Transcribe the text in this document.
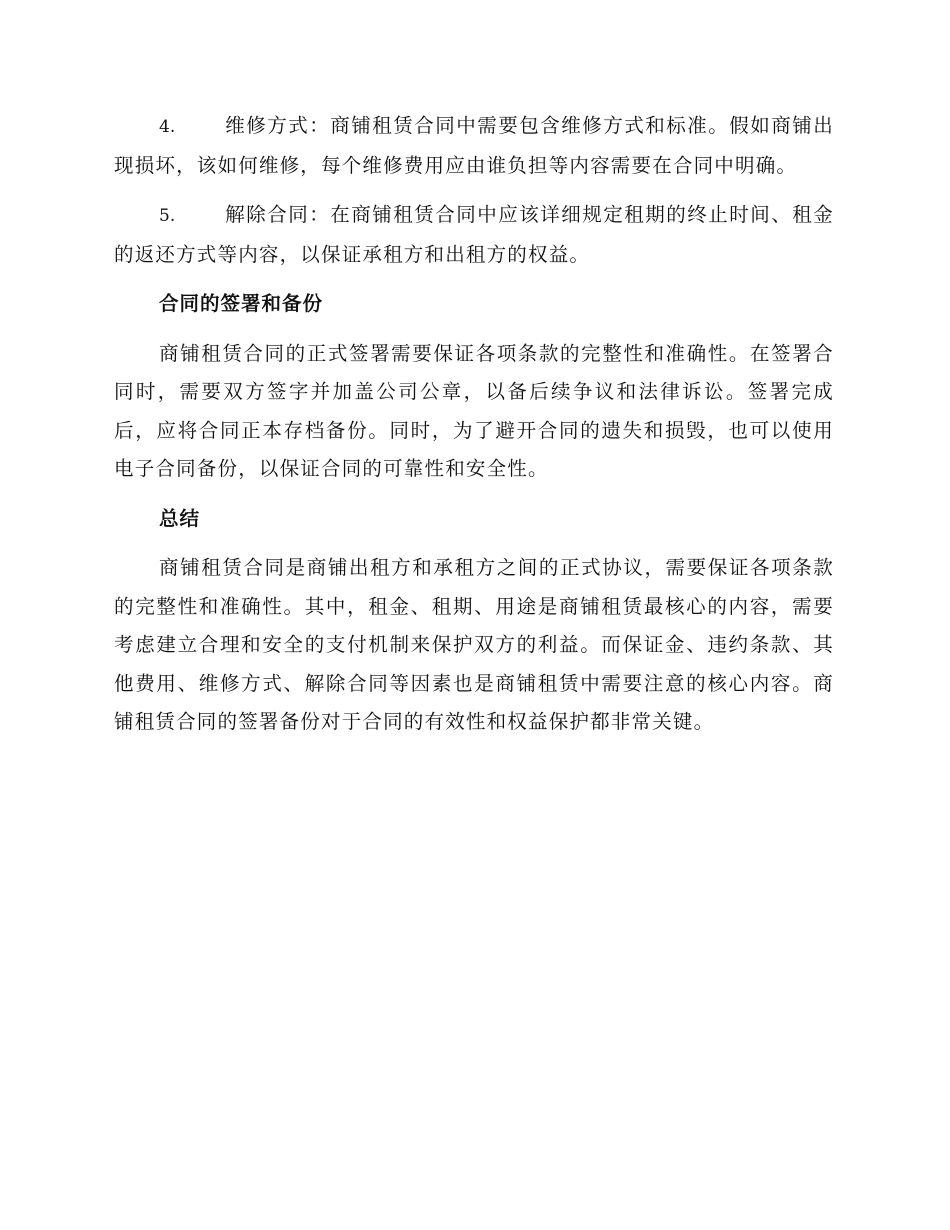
4.	维修方式：商铺租赁合同中需要包含维修方式和标准。假如商铺出现损坏，该如何维修，每个维修费用应由谁负担等内容需要在合同中明确。

5.	解除合同：在商铺租赁合同中应该详细规定租期的终止时间、租金的返还方式等内容，以保证承租方和出租方的权益。

合同的签署和备份

商铺租赁合同的正式签署需要保证各项条款的完整性和准确性。在签署合同时，需要双方签字并加盖公司公章，以备后续争议和法律诉讼。签署完成后，应将合同正本存档备份。同时，为了避开合同的遗失和损毁，也可以使用电子合同备份，以保证合同的可靠性和安全性。

总结

商铺租赁合同是商铺出租方和承租方之间的正式协议，需要保证各项条款的完整性和准确性。其中，租金、租期、用途是商铺租赁最核心的内容，需要考虑建立合理和安全的支付机制来保护双方的利益。而保证金、违约条款、其他费用、维修方式、解除合同等因素也是商铺租赁中需要注意的核心内容。商铺租赁合同的签署备份对于合同的有效性和权益保护都非常关键。
